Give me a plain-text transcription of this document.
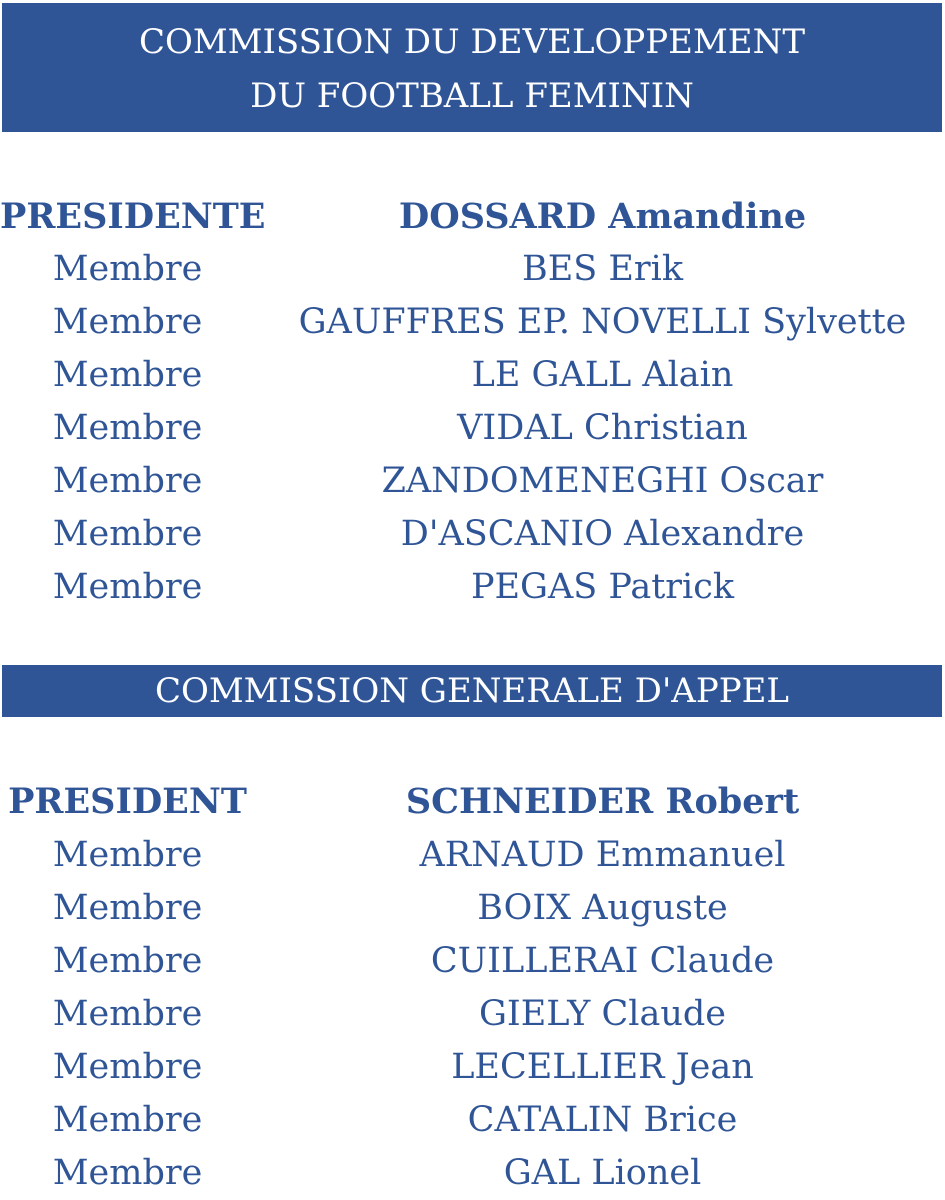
COMMISSION DU DEVELOPPEMENT
DU FOOTBALL FEMININ
PRESIDENTE	DOSSARD Amandine
Membre	BES Erik
Membre	GAUFFRES EP. NOVELLI Sylvette
Membre	LE GALL Alain
Membre	VIDAL Christian
Membre	ZANDOMENEGHI Oscar
Membre	D'ASCANIO Alexandre
Membre	PEGAS Patrick
COMMISSION GENERALE D'APPEL
PRESIDENT	SCHNEIDER Robert
Membre	ARNAUD Emmanuel
Membre	BOIX Auguste
Membre	CUILLERAI Claude
Membre	GIELY Claude
Membre	LECELLIER Jean
Membre	CATALIN Brice
Membre	GAL Lionel
